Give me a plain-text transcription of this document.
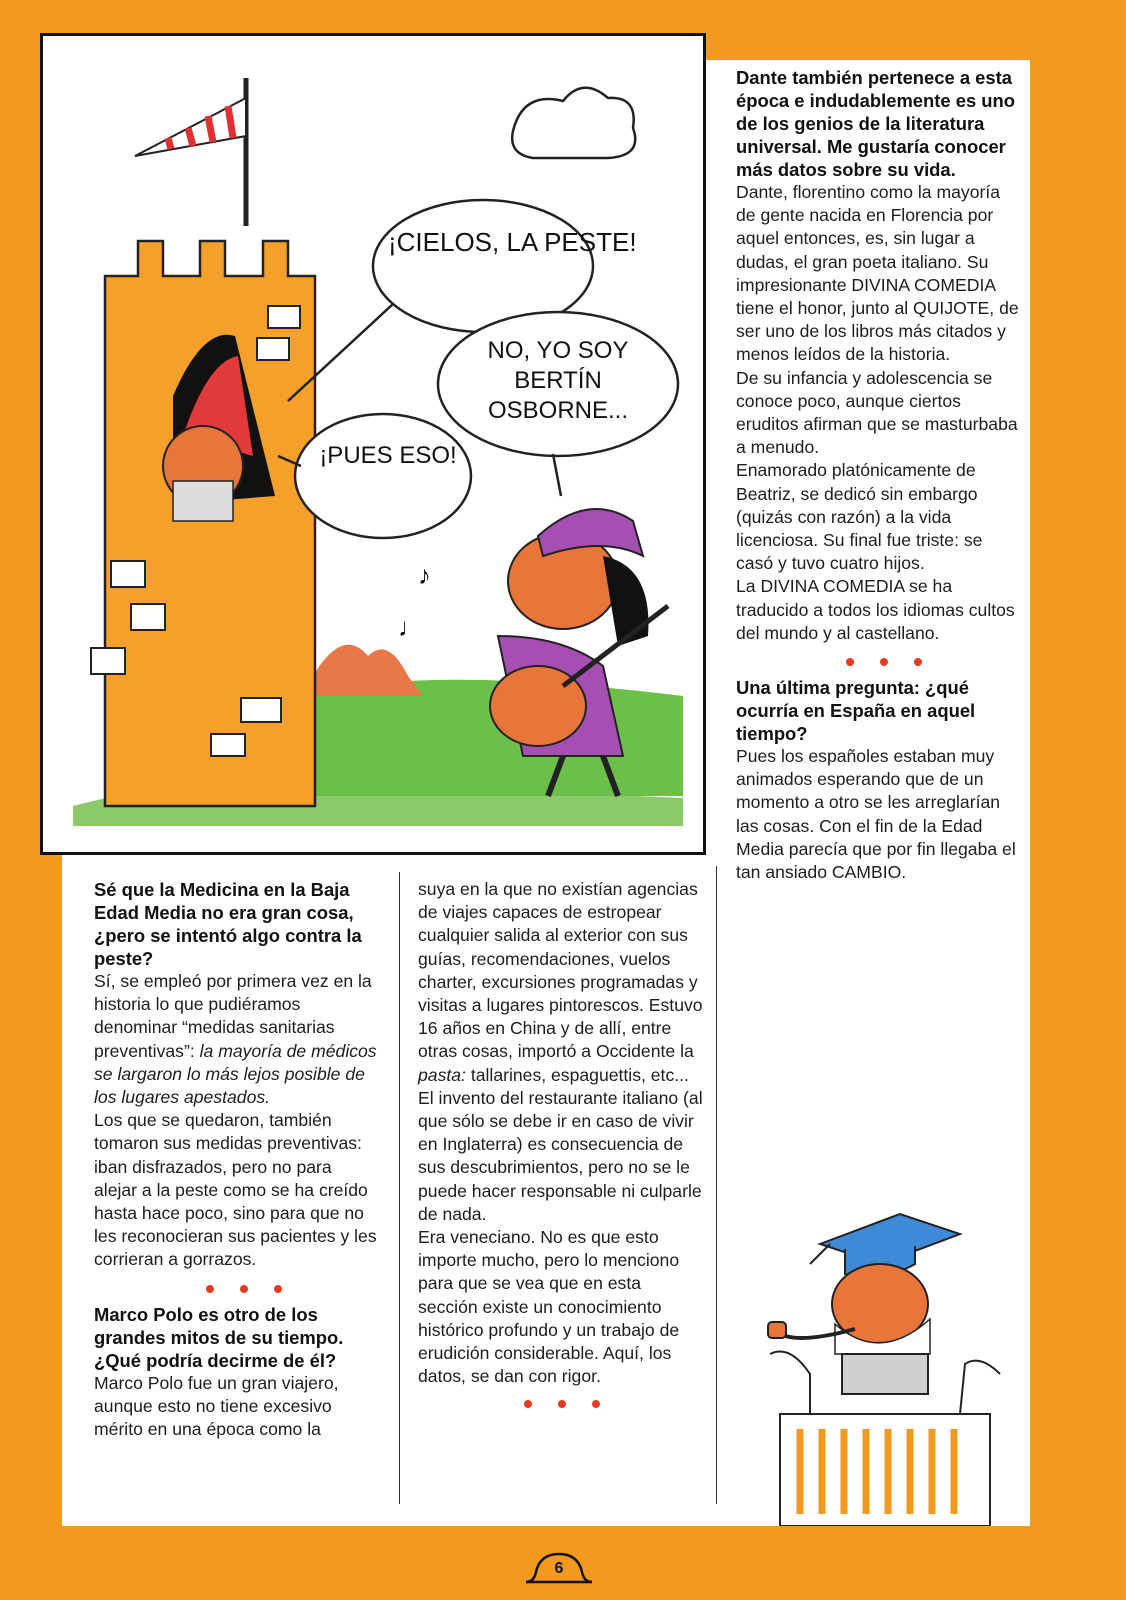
¡CIELOS, LA PESTE!
NO, YO SOY BERTÍN OSBORNE...
¡PUES ESO!
♪
♩

Sé que la Medicina en la Baja Edad Media no era gran cosa, ¿pero se intentó algo contra la peste?

Sí, se empleó por primera vez en la historia lo que pudiéramos denominar “medidas sanitarias preventivas”: la mayoría de médicos se largaron lo más lejos posible de los lugares apestados.

Los que se quedaron, también tomaron sus medidas preventivas: iban disfrazados, pero no para alejar a la peste como se ha creído hasta hace poco, sino para que no les reconocieran sus pacientes y les corrieran a gorrazos.

Marco Polo es otro de los grandes mitos de su tiempo. ¿Qué podría decirme de él?

Marco Polo fue un gran viajero, aunque esto no tiene excesivo mérito en una época como la

suya en la que no existían agencias de viajes capaces de estropear cualquier salida al exterior con sus guías, recomendaciones, vuelos charter, excursiones programadas y visitas a lugares pintorescos. Estuvo 16 años en China y de allí, entre otras cosas, importó a Occidente la pasta: tallarines, espaguettis, etc... El invento del restaurante italiano (al que sólo se debe ir en caso de vivir en Inglaterra) es consecuencia de sus descubrimientos, pero no se le puede hacer responsable ni culparle de nada.

Era veneciano. No es que esto importe mucho, pero lo menciono para que se vea que en esta sección existe un conocimiento histórico profundo y un trabajo de erudición considerable. Aquí, los datos, se dan con rigor.

Dante también pertenece a esta época e indudablemente es uno de los genios de la literatura universal. Me gustaría conocer más datos sobre su vida.

Dante, florentino como la mayoría de gente nacida en Florencia por aquel entonces, es, sin lugar a dudas, el gran poeta italiano. Su impresionante DIVINA COMEDIA tiene el honor, junto al QUIJOTE, de ser uno de los libros más citados y menos leídos de la historia.

De su infancia y adolescencia se conoce poco, aunque ciertos eruditos afirman que se masturbaba a menudo.

Enamorado platónicamente de Beatriz, se dedicó sin embargo (quizás con razón) a la vida licenciosa. Su final fue triste: se casó y tuvo cuatro hijos.

La DIVINA COMEDIA se ha traducido a todos los idiomas cultos del mundo y al castellano.

Una última pregunta: ¿qué ocurría en España en aquel tiempo?

Pues los españoles estaban muy animados esperando que de un momento a otro se les arreglarían las cosas. Con el fin de la Edad Media parecía que por fin llegaba el tan ansiado CAMBIO.

6
